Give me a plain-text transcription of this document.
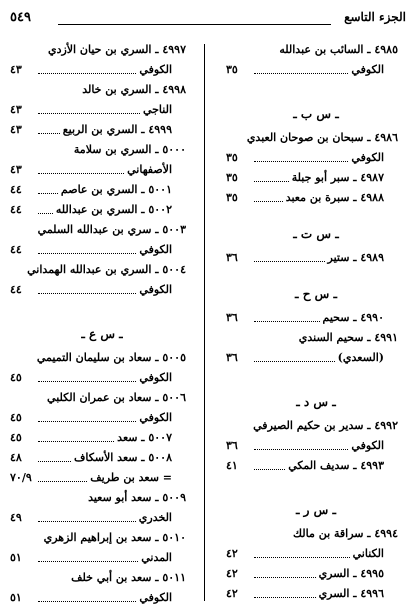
الجزء التاسع
٥٤٩
٤٩٨٥ ـ السائب بن عبدالله
الكوفي
٣٥
ـ س ب ـ
٤٩٨٦ ـ سبحان بن صوحان العبدي
الكوفي
٣٥
٤٩٨٧ ـ سبر أبو جبلة
٣٥
٤٩٨٨ ـ سبرة بن معبد
٣٥
ـ س ت ـ
٤٩٨٩ ـ ستير
٣٦
ـ س ح ـ
٤٩٩٠ ـ سحيم
٣٦
٤٩٩١ ـ سحيم السندي
(السعدي)
٣٦
ـ س د ـ
٤٩٩٢ ـ سدير بن حكيم الصيرفي
الكوفي
٣٦
٤٩٩٣ ـ سديف المكي
٤١
ـ س ر ـ
٤٩٩٤ ـ سراقة بن مالك
الكناني
٤٢
٤٩٩٥ ـ السري
٤٢
٤٩٩٦ ـ السري
٤٢
٤٩٩٧ ـ السري بن حيان الأزدي
الكوفي
٤٣
٤٩٩٨ ـ السري بن خالد
الناجي
٤٣
٤٩٩٩ ـ السري بن الربيع
٤٣
٥٠٠٠ ـ السري بن سلامة
الأصفهاني
٤٣
٥٠٠١ ـ السري بن عاصم
٤٤
٥٠٠٢ ـ السري بن عبدالله
٤٤
٥٠٠٣ ـ سري بن عبدالله السلمي
الكوفي
٤٤
٥٠٠٤ ـ السري بن عبدالله الهمداني
الكوفي
٤٤
ـ س ع ـ
٥٠٠٥ ـ سعاد بن سليمان التميمي
الكوفي
٤٥
٥٠٠٦ ـ سعاد بن عمران الكلبي
الكوفي
٤٥
٥٠٠٧ ـ سعد
٤٥
٥٠٠٨ ـ سعد الأسكاف
٤٨
= سعد بن طريف
٧٠/٩
٥٠٠٩ ـ سعد أبو سعيد
الخدري
٤٩
٥٠١٠ ـ سعد بن إبراهيم الزهري
المدني
٥١
٥٠١١ ـ سعد بن أبي خلف
الكوفي
٥١
